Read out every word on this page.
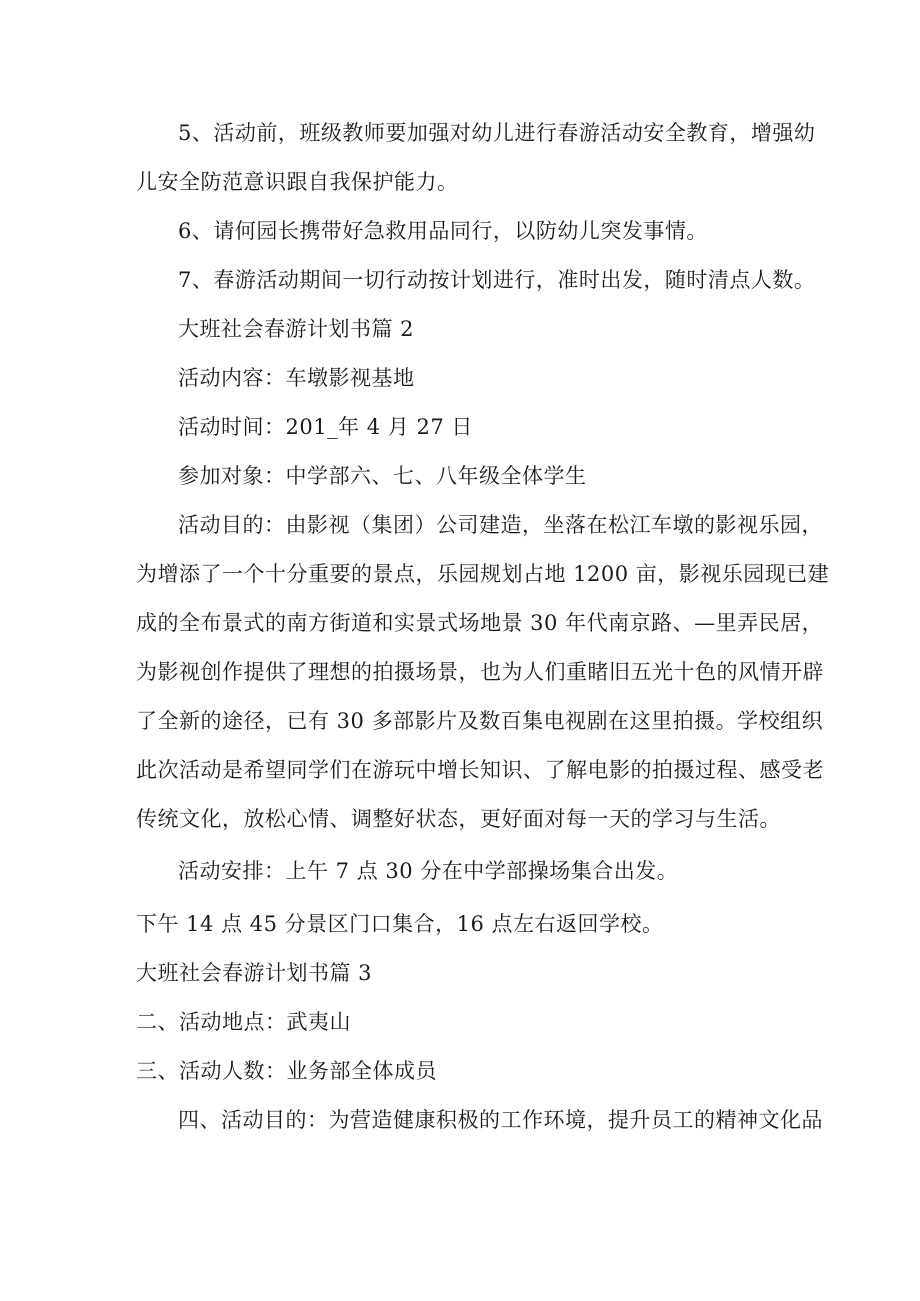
5、活动前，班级教师要加强对幼儿进行春游活动安全教育，增强幼

儿安全防范意识跟自我保护能力。

6、请何园长携带好急救用品同行，以防幼儿突发事情。

7、春游活动期间一切行动按计划进行，准时出发，随时清点人数。

大班社会春游计划书篇 2

活动内容：车墩影视基地

活动时间：201_年 4 月 27 日

参加对象：中学部六、七、八年级全体学生

活动目的：由影视（集团）公司建造，坐落在松江车墩的影视乐园，

为增添了一个十分重要的景点，乐园规划占地 1200 亩，影视乐园现已建

成的全布景式的南方街道和实景式场地景 30 年代南京路、—里弄民居，

为影视创作提供了理想的拍摄场景，也为人们重睹旧五光十色的风情开辟

了全新的途径，已有 30 多部影片及数百集电视剧在这里拍摄。学校组织

此次活动是希望同学们在游玩中增长知识、了解电影的拍摄过程、感受老

传统文化，放松心情、调整好状态，更好面对每一天的学习与生活。

活动安排：上午 7 点 30 分在中学部操场集合出发。

下午 14 点 45 分景区门口集合，16 点左右返回学校。

大班社会春游计划书篇 3

二、活动地点：武夷山

三、活动人数：业务部全体成员

四、活动目的：为营造健康积极的工作环境，提升员工的精神文化品
